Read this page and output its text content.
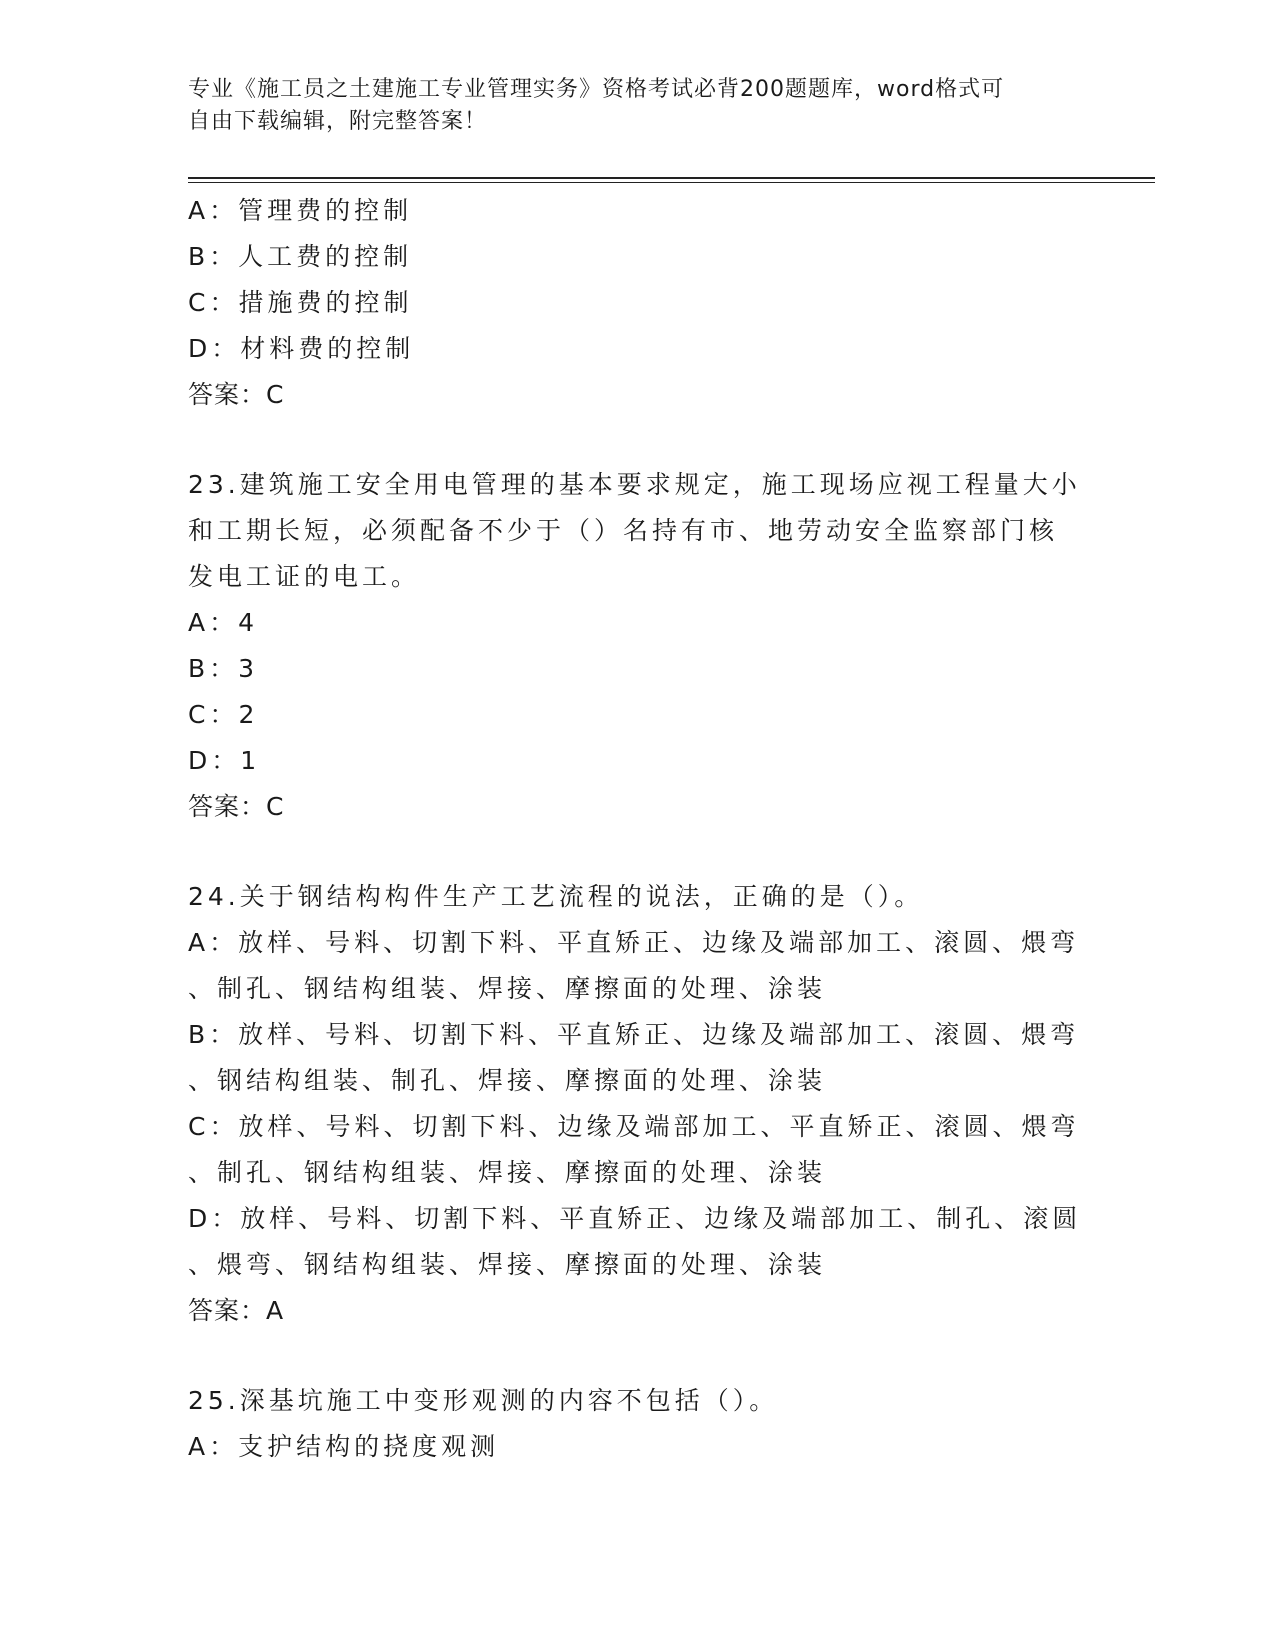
专业《施工员之土建施工专业管理实务》资格考试必背200题题库，word格式可
自由下载编辑，附完整答案！
A：管理费的控制
B：人工费的控制
C：措施费的控制
D：材料费的控制
答案：C
23.建筑施工安全用电管理的基本要求规定，施工现场应视工程量大小
和工期长短，必须配备不少于（）名持有市、地劳动安全监察部门核
发电工证的电工。
A：4
B：3
C：2
D：1
答案：C
24.关于钢结构构件生产工艺流程的说法，正确的是（）。
A：放样、号料、切割下料、平直矫正、边缘及端部加工、滚圆、煨弯
、制孔、钢结构组装、焊接、摩擦面的处理、涂装
B：放样、号料、切割下料、平直矫正、边缘及端部加工、滚圆、煨弯
、钢结构组装、制孔、焊接、摩擦面的处理、涂装
C：放样、号料、切割下料、边缘及端部加工、平直矫正、滚圆、煨弯
、制孔、钢结构组装、焊接、摩擦面的处理、涂装
D：放样、号料、切割下料、平直矫正、边缘及端部加工、制孔、滚圆
、煨弯、钢结构组装、焊接、摩擦面的处理、涂装
答案：A
25.深基坑施工中变形观测的内容不包括（）。
A：支护结构的挠度观测
